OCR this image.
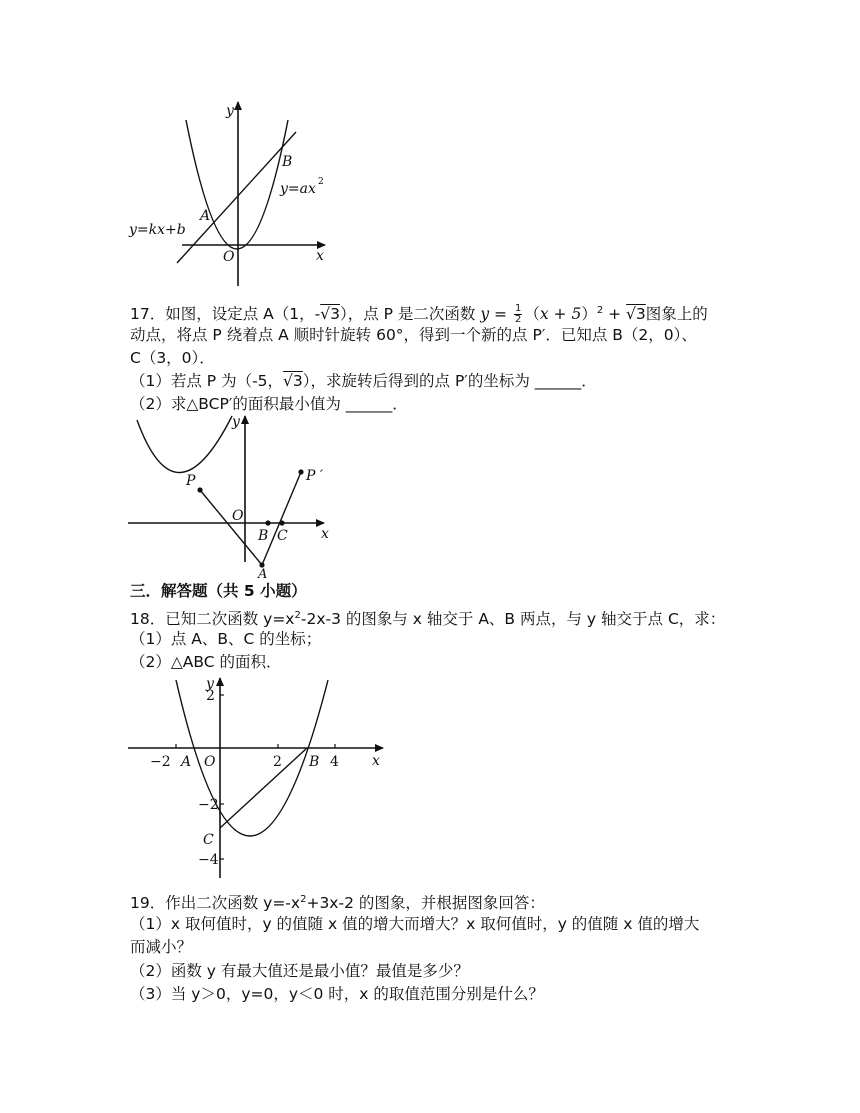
y
x
O
A
B
y=kx+b
y=ax 2
17．如图，设定点 A（1，-√3），点 P 是二次函数 $y = \frac{1}{2} (x + 5)^2 + √3$图象上的
动点，将点 P 绕着点 A 顺时针旋转 60°，得到一个新的点 P′．已知点 B（2，0）、
C（3，0）．
（1）若点 P 为（-5，√3），求旋转后得到的点 P′的坐标为 ______．
（2）求△BCP′的面积最小值为 ______．
y
x
O
P	P ′
A
B C
三．解答题（共 5 小题）
18．已知二次函数 $y=x^2-2x-3$ 的图象与 x 轴交于 A、B 两点，与 y 轴交于点 C，求：
（1）点 A、B、C 的坐标；
（2）△ABC 的面积．
y
x
O
A	B
C
−2	2	4
2
−2
−4
19．作出二次函数 $y=-x^2+3x-2$ 的图象，并根据图象回答：
（1）x 取何值时，y 的值随 x 值的增大而增大？x 取何值时，y 的值随 x 值的增大
而减小？
（2）函数 y 有最大值还是最小值？最值是多少？
（3）当 y＞0，y=0，y＜0 时，x 的取值范围分别是什么？
